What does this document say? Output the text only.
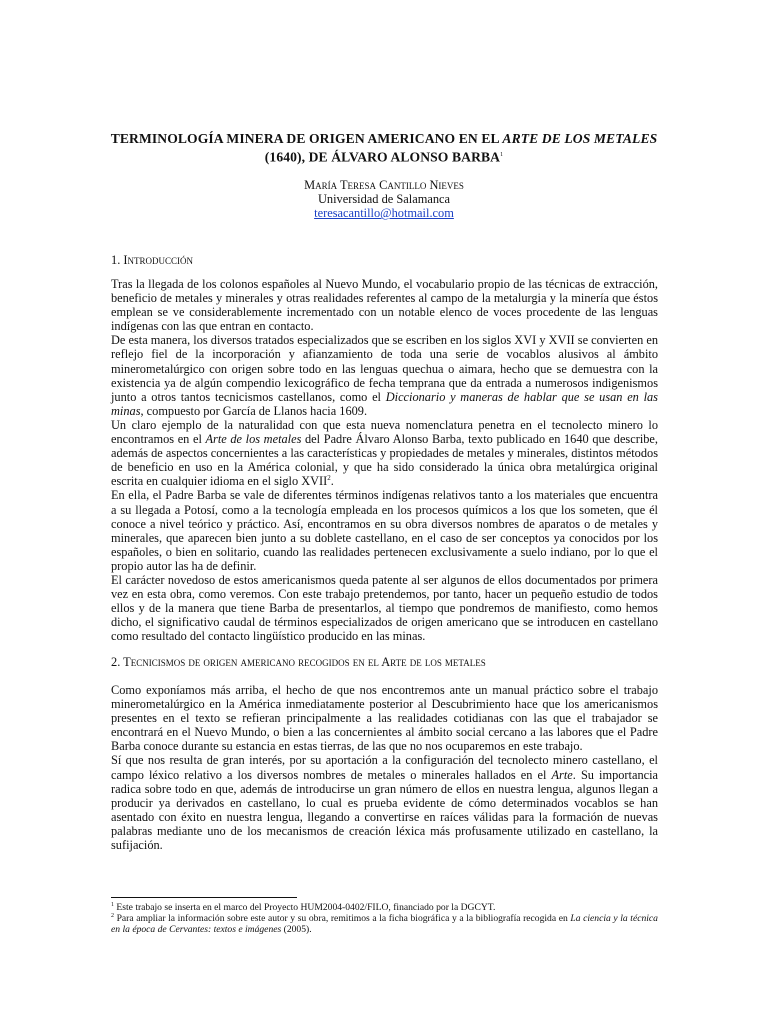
TERMINOLOGÍA MINERA DE ORIGEN AMERICANO EN EL ARTE DE LOS METALES (1640), DE ÁLVARO ALONSO BARBA$^1$
María Teresa Cantillo Nieves
Universidad de Salamanca
teresacantillo@hotmail.com
1. Introducción

Tras la llegada de los colonos españoles al Nuevo Mundo, el vocabulario propio de las técnicas de extracción, beneficio de metales y minerales y otras realidades referentes al campo de la metalurgia y la minería que éstos emplean se ve considerablemente incrementado con un notable elenco de voces procedente de las lenguas indígenas con las que entran en contacto.

De esta manera, los diversos tratados especializados que se escriben en los siglos XVI y XVII se convierten en reflejo fiel de la incorporación y afianzamiento de toda una serie de vocablos alusivos al ámbito minerometalúrgico con origen sobre todo en las lenguas quechua o aimara, hecho que se demuestra con la existencia ya de algún compendio lexicográfico de fecha temprana que da entrada a numerosos indigenismos junto a otros tantos tecnicismos castellanos, como el Diccionario y maneras de hablar que se usan en las minas, compuesto por García de Llanos hacia 1609.

Un claro ejemplo de la naturalidad con que esta nueva nomenclatura penetra en el tecnolecto minero lo encontramos en el Arte de los metales del Padre Álvaro Alonso Barba, texto publicado en 1640 que describe, además de aspectos concernientes a las características y propiedades de metales y minerales, distintos métodos de beneficio en uso en la América colonial, y que ha sido considerado la única obra metalúrgica original escrita en cualquier idioma en el siglo XVII$^2$.

En ella, el Padre Barba se vale de diferentes términos indígenas relativos tanto a los materiales que encuentra a su llegada a Potosí, como a la tecnología empleada en los procesos químicos a los que los someten, que él conoce a nivel teórico y práctico. Así, encontramos en su obra diversos nombres de aparatos o de metales y minerales, que aparecen bien junto a su doblete castellano, en el caso de ser conceptos ya conocidos por los españoles, o bien en solitario, cuando las realidades pertenecen exclusivamente a suelo indiano, por lo que el propio autor las ha de definir.

El carácter novedoso de estos americanismos queda patente al ser algunos de ellos documentados por primera vez en esta obra, como veremos. Con este trabajo pretendemos, por tanto, hacer un pequeño estudio de todos ellos y de la manera que tiene Barba de presentarlos, al tiempo que pondremos de manifiesto, como hemos dicho, el significativo caudal de términos especializados de origen americano que se introducen en castellano como resultado del contacto lingüístico producido en las minas.

2. Tecnicismos de origen americano recogidos en el Arte de los metales

Como exponíamos más arriba, el hecho de que nos encontremos ante un manual práctico sobre el trabajo minerometalúrgico en la América inmediatamente posterior al Descubrimiento hace que los americanismos presentes en el texto se refieran principalmente a las realidades cotidianas con las que el trabajador se encontrará en el Nuevo Mundo, o bien a las concernientes al ámbito social cercano a las labores que el Padre Barba conoce durante su estancia en estas tierras, de las que no nos ocuparemos en este trabajo.

Sí que nos resulta de gran interés, por su aportación a la configuración del tecnolecto minero castellano, el campo léxico relativo a los diversos nombres de metales o minerales hallados en el Arte. Su importancia radica sobre todo en que, además de introducirse un gran número de ellos en nuestra lengua, algunos llegan a producir ya derivados en castellano, lo cual es prueba evidente de cómo determinados vocablos se han asentado con éxito en nuestra lengua, llegando a convertirse en raíces válidas para la formación de nuevas palabras mediante uno de los mecanismos de creación léxica más profusamente utilizado en castellano, la sufijación.

$^1$ Este trabajo se inserta en el marco del Proyecto HUM2004-0402/FILO, financiado por la DGCYT.

$^2$ Para ampliar la información sobre este autor y su obra, remitimos a la ficha biográfica y a la bibliografía recogida en La ciencia y la técnica en la época de Cervantes: textos e imágenes (2005).
